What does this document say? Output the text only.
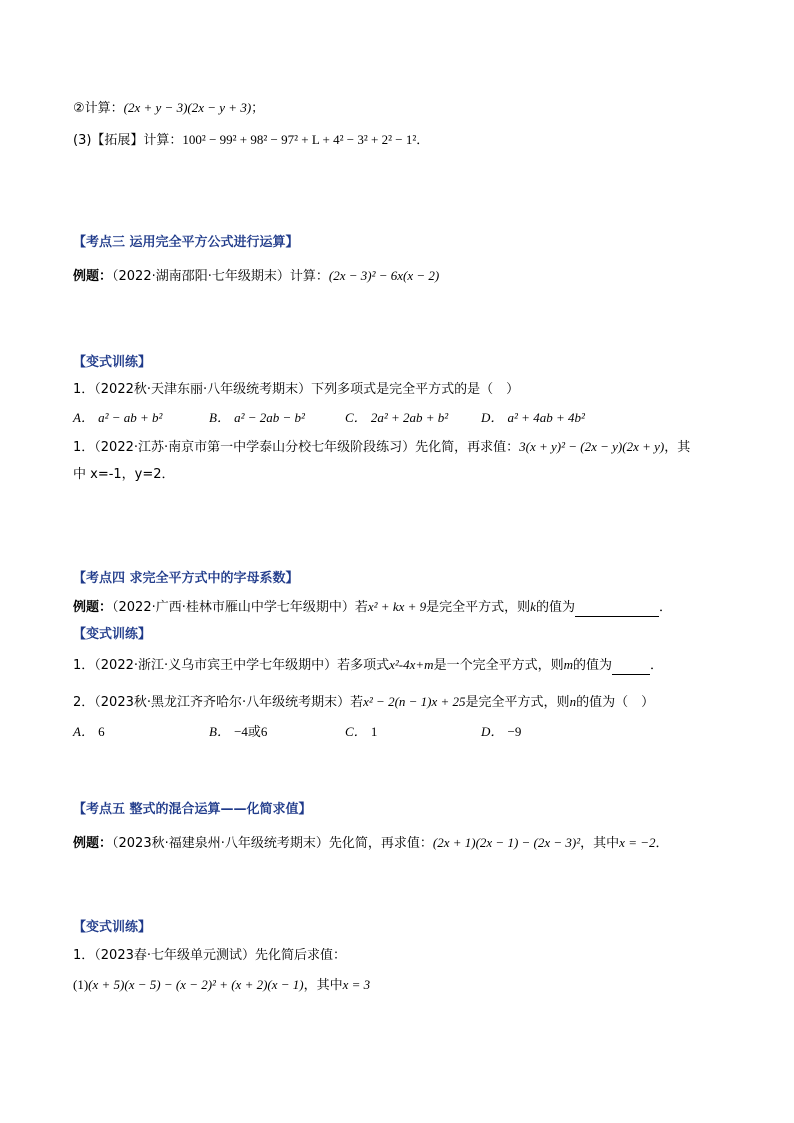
②计算：(2x + y − 3)(2x − y + 3)；
(3)【拓展】计算：100² − 99² + 98² − 97² + L + 4² − 3² + 2² − 1²．
【考点三 运用完全平方公式进行运算】
例题：（2022·湖南邵阳·七年级期末）计算：(2x − 3)² − 6x(x − 2)
【变式训练】
1．（2022秋·天津东丽·八年级统考期末）下列多项式是完全平方式的是（　）
A． a² − ab + b²	B． a² − 2ab − b²	C． 2a² + 2ab + b²	D． a² + 4ab + 4b²
1．（2022·江苏·南京市第一中学泰山分校七年级阶段练习）先化简，再求值：3(x + y)² − (2x − y)(2x + y)，其
中 x=-1，y=2．
【考点四 求完全平方式中的字母系数】
例题：（2022·广西·桂林市雁山中学七年级期中）若x² + kx + 9是完全平方式，则k的值为	．
【变式训练】
1．（2022·浙江·义乌市宾王中学七年级期中）若多项式x²-4x+m是一个完全平方式，则m的值为	．
2．（2023秋·黑龙江齐齐哈尔·八年级统考期末）若x² − 2(n − 1)x + 25是完全平方式，则n的值为（　）
A． 6	B． −4或6	C． 1	D． −9
【考点五 整式的混合运算——化简求值】
例题：（2023秋·福建泉州·八年级统考期末）先化简，再求值：(2x + 1)(2x − 1) − (2x − 3)²，其中x = −2．
【变式训练】
1．（2023春·七年级单元测试）先化简后求值：
(1)(x + 5)(x − 5) − (x − 2)² + (x + 2)(x − 1)，其中x = 3
